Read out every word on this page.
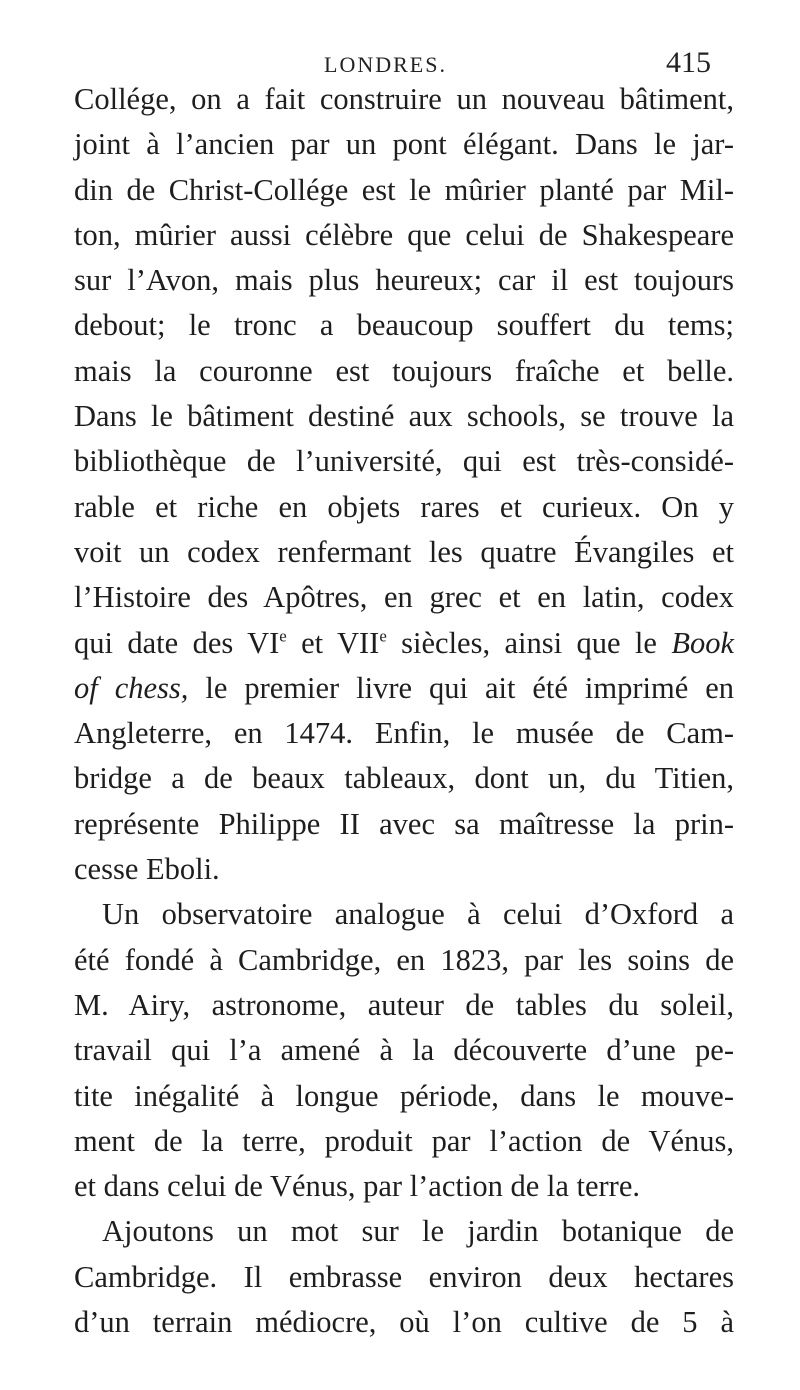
LONDRES.	415
Collége, on a fait construire un nouveau bâtiment,
joint à l’ancien par un pont élégant. Dans le jar-
din de Christ-Collége est le mûrier planté par Mil-
ton, mûrier aussi célèbre que celui de Shakespeare
sur l’Avon, mais plus heureux; car il est toujours
debout; le tronc a beaucoup souffert du tems;
mais la couronne est toujours fraîche et belle.
Dans le bâtiment destiné aux schools, se trouve la
bibliothèque de l’université, qui est très-considé-
rable et riche en objets rares et curieux. On y
voit un codex renfermant les quatre Évangiles et
l’Histoire des Apôtres, en grec et en latin, codex
qui date des VIe et VIIe siècles, ainsi que le Book
of chess, le premier livre qui ait été imprimé en
Angleterre, en 1474. Enfin, le musée de Cam-
bridge a de beaux tableaux, dont un, du Titien,
représente Philippe II avec sa maîtresse la prin-
cesse Eboli.
Un observatoire analogue à celui d’Oxford a
été fondé à Cambridge, en 1823, par les soins de
M. Airy, astronome, auteur de tables du soleil,
travail qui l’a amené à la découverte d’une pe-
tite inégalité à longue période, dans le mouve-
ment de la terre, produit par l’action de Vénus,
et dans celui de Vénus, par l’action de la terre.
Ajoutons un mot sur le jardin botanique de
Cambridge. Il embrasse environ deux hectares
d’un terrain médiocre, où l’on cultive de 5 à
